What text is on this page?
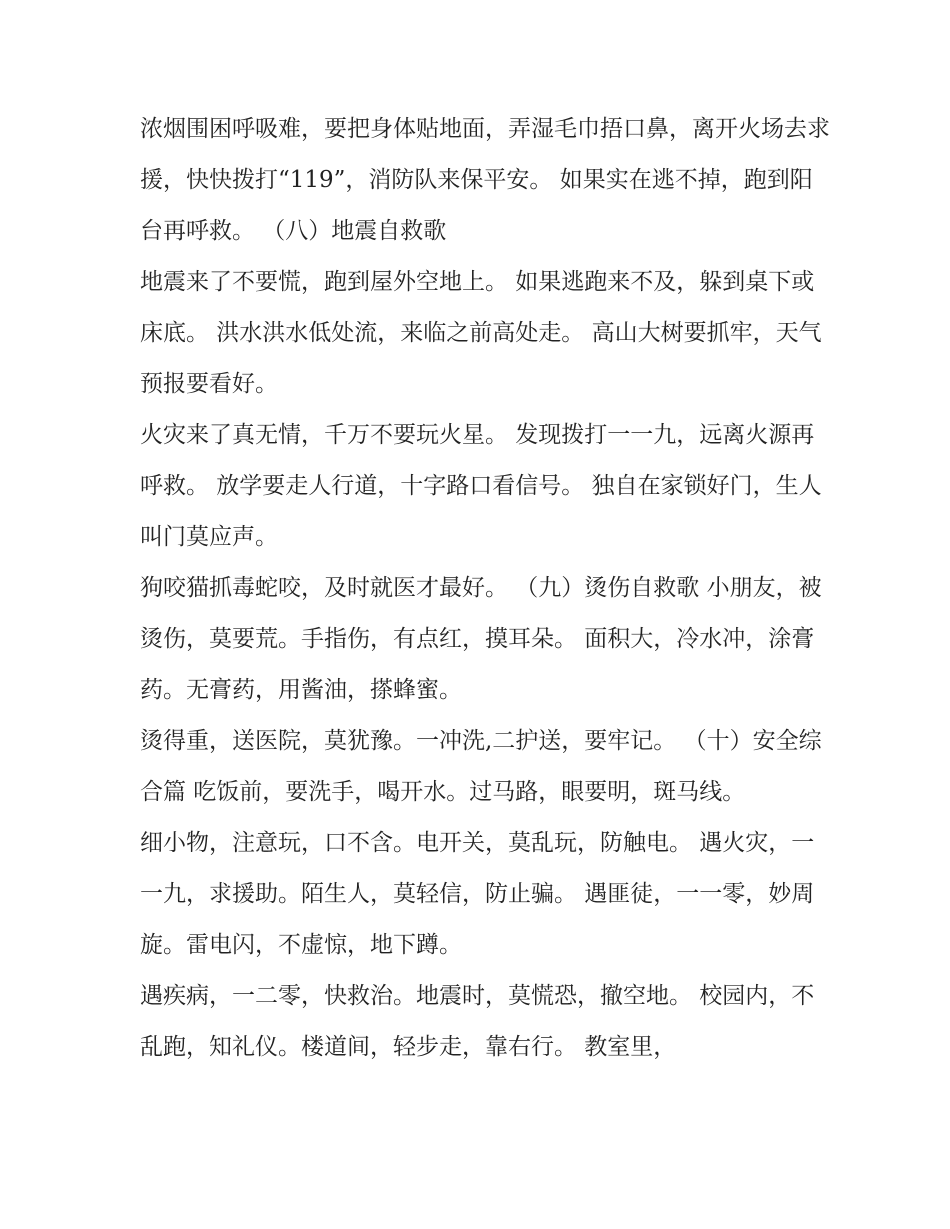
浓烟围困呼吸难，要把身体贴地面，弄湿毛巾捂口鼻，离开火场去求援，快快拨打“119”，消防队来保平安。 如果实在逃不掉，跑到阳台再呼救。 （八）地震自救歌

地震来了不要慌，跑到屋外空地上。 如果逃跑来不及，躲到桌下或床底。 洪水洪水低处流，来临之前高处走。 高山大树要抓牢，天气预报要看好。

火灾来了真无情，千万不要玩火星。 发现拨打一一九，远离火源再呼救。 放学要走人行道，十字路口看信号。 独自在家锁好门，生人叫门莫应声。

狗咬猫抓毒蛇咬，及时就医才最好。 （九）烫伤自救歌 小朋友，被烫伤，莫要荒。手指伤，有点红，摸耳朵。 面积大，冷水冲，涂膏药。无膏药，用酱油，搽蜂蜜。

烫得重，送医院，莫犹豫。一冲洗,二护送，要牢记。 （十）安全综合篇 吃饭前，要洗手，喝开水。过马路，眼要明，斑马线。

细小物，注意玩，口不含。电开关，莫乱玩，防触电。 遇火灾，一一九，求援助。陌生人，莫轻信，防止骗。 遇匪徒，一一零，妙周旋。雷电闪，不虚惊，地下蹲。

遇疾病，一二零，快救治。地震时，莫慌恐，撤空地。 校园内，不乱跑，知礼仪。楼道间，轻步走，靠右行。 教室里，
